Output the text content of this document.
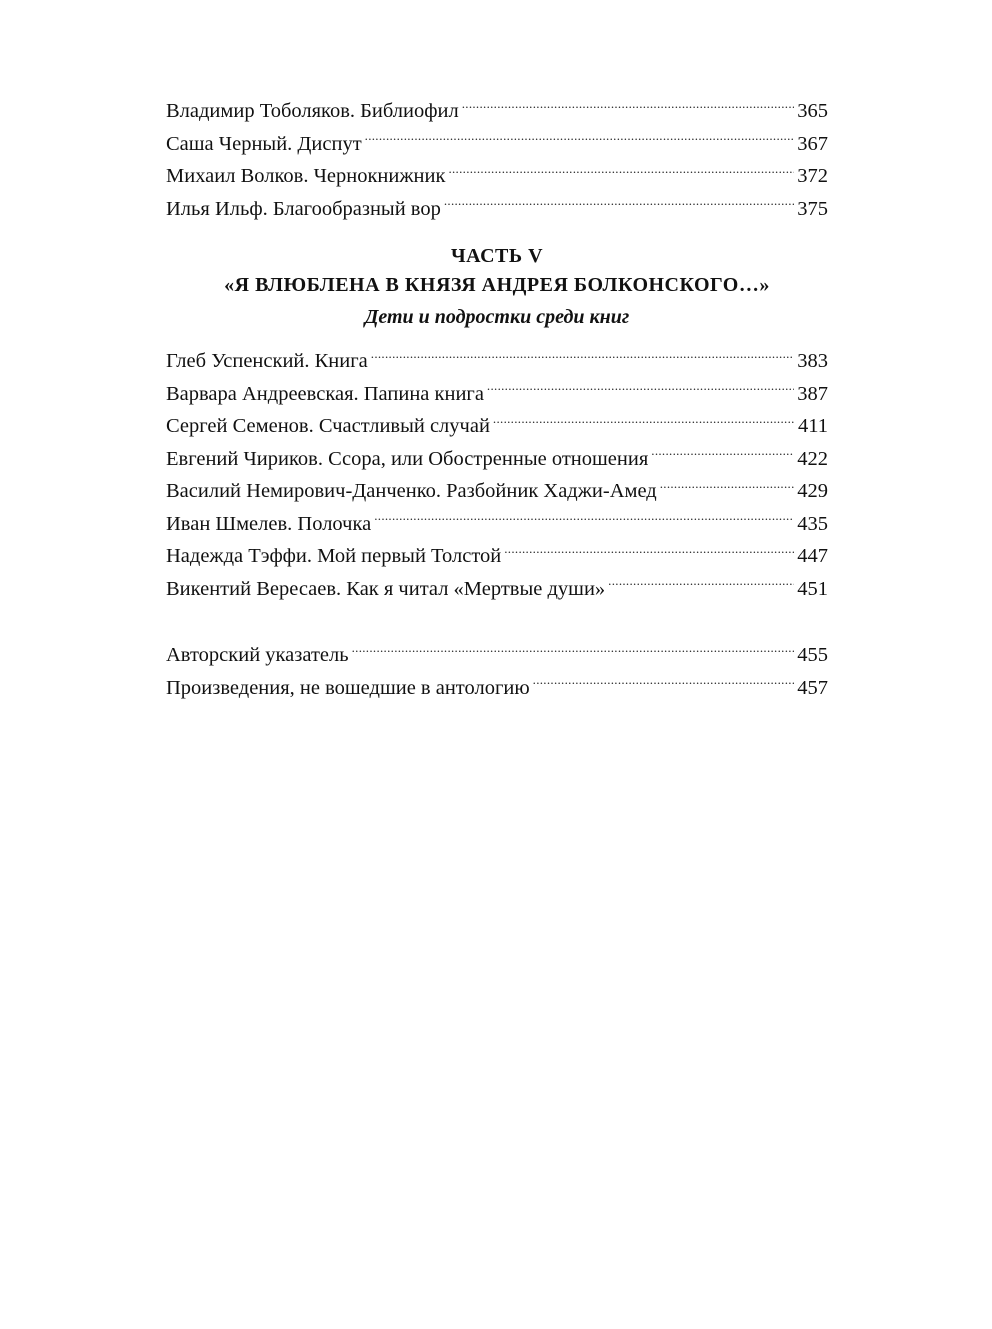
Владимир Тоболяков. Библиофил .....	365
Саша Черный. Диспут .....	367
Михаил Волков. Чернокнижник .....	372
Илья Ильф. Благообразный вор .....	375
ЧАСТЬ V
«Я ВЛЮБЛЕНА В КНЯЗЯ АНДРЕЯ БОЛКОНСКОГО…»
Дети и подростки среди книг
Глеб Успенский. Книга .....	383
Варвара Андреевская. Папина книга .....	387
Сергей Семенов. Счастливый случай .....	411
Евгений Чириков. Ссора, или Обостренные отношения .....	422
Василий Немирович-Данченко. Разбойник Хаджи-Амед .....	429
Иван Шмелев. Полочка .....	435
Надежда Тэффи. Мой первый Толстой .....	447
Викентий Вересаев. Как я читал «Мертвые души» .....	451
Авторский указатель .....	455
Произведения, не вошедшие в антологию .....	457
